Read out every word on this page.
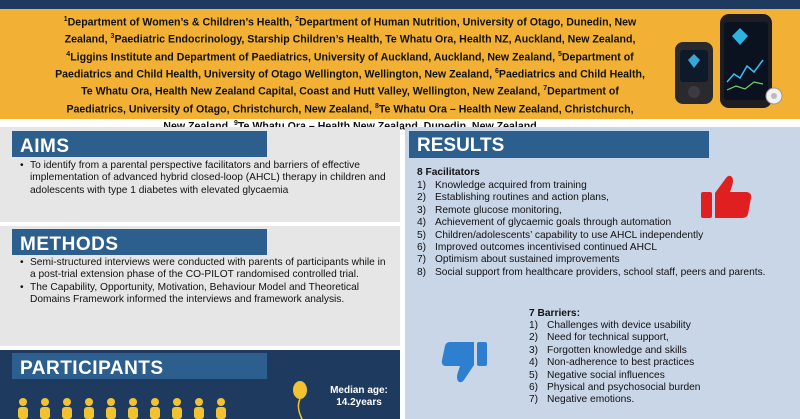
$^1$Department of Women’s & Children’s Health, $^2$Department of Human Nutrition, University of Otago, Dunedin, New
Zealand, $^3$Paediatric Endocrinology, Starship Children’s Health, Te Whatu Ora, Health NZ, Auckland, New Zealand,
$^4$Liggins Institute and Department of Paediatrics, University of Auckland, Auckland, New Zealand, $^5$Department of
Paediatrics and Child Health, University of Otago Wellington, Wellington, New Zealand, $^6$Paediatrics and Child Health,
Te Whatu Ora, Health New Zealand Capital, Coast and Hutt Valley, Wellington, New Zealand, $^7$Department of
Paediatrics, University of Otago, Christchurch, New Zealand, $^8$Te Whatu Ora – Health New Zealand, Christchurch,
$^9$
AIMS
• To identify from a parental perspective facilitators and barriers of effective implementation of advanced hybrid closed-loop (AHCL) therapy in children and adolescents with type 1 diabetes with elevated glycaemia
METHODS
• Semi-structured interviews were conducted with parents of participants while in a post-trial extension phase of the CO-PILOT randomised controlled trial.
• The Capability, Opportunity, Motivation, Behaviour Model and Theoretical Domains Framework informed the interviews and framework analysis.
PARTICIPANTS
Median age:
14.2years
RESULTS
8 Facilitators
1) Knowledge acquired from training
2) Establishing routines and action plans,
3) Remote glucose monitoring,
4) Achievement of glycaemic goals through automation
5) Children/adolescents’ capability to use AHCL independently
6) Improved outcomes incentivised continued AHCL
7) Optimism about sustained improvements
8) Social support from healthcare providers, school staff, peers and parents.
7 Barriers:
1) Challenges with device usability
2) Need for technical support,
3) Forgotten knowledge and skills
4) Non-adherence to best practices
5) Negative social influences
6) Physical and psychosocial burden
7) Negative emotions.
